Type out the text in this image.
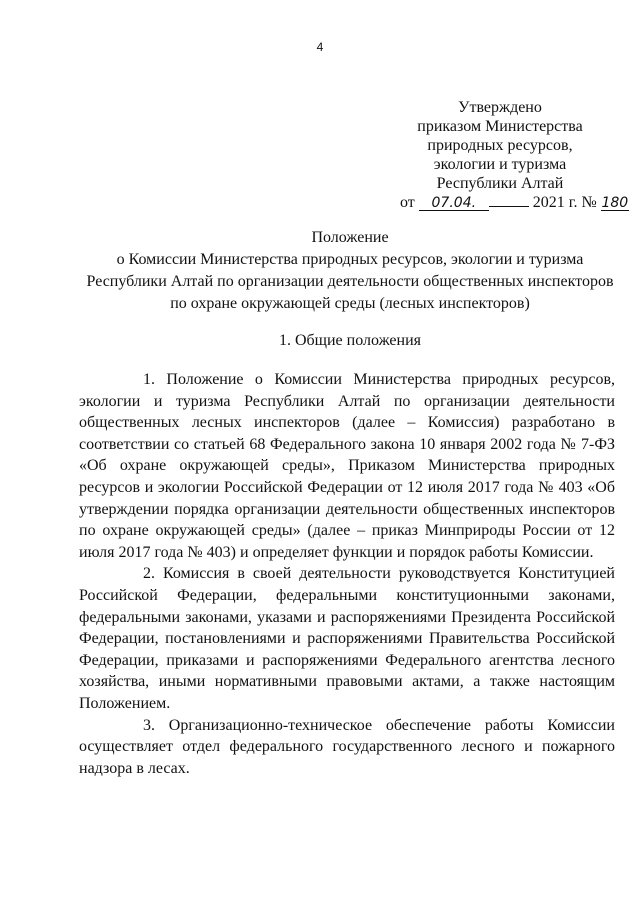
4
Утверждено
приказом Министерства
природных ресурсов,
экологии и туризма
Республики Алтай
от 07.04.	2021 г. № 180
Положение
о Комиссии Министерства природных ресурсов, экологии и туризма
Республики Алтай по организации деятельности общественных инспекторов
по охране окружающей среды (лесных инспекторов)
1. Общие положения

1. Положение о Комиссии Министерства природных ресурсов, экологии и туризма Республики Алтай по организации деятельности общественных лесных инспекторов (далее – Комиссия) разработано в соответствии со статьей 68 Федерального закона 10 января 2002 года № 7-ФЗ «Об охране окружающей среды», Приказом Министерства природных ресурсов и экологии Российской Федерации от 12 июля 2017 года № 403 «Об утверждении порядка организации деятельности общественных инспекторов по охране окружающей среды» (далее – приказ Минприроды России от 12 июля 2017 года № 403) и определяет функции и порядок работы Комиссии.

2. Комиссия в своей деятельности руководствуется Конституцией Российской Федерации, федеральными конституционными законами, федеральными законами, указами и распоряжениями Президента Российской Федерации, постановлениями и распоряжениями Правительства Российской Федерации, приказами и распоряжениями Федерального агентства лесного хозяйства, иными нормативными правовыми актами, а также настоящим Положением.

3. Организационно-техническое обеспечение работы Комиссии осуществляет отдел федерального государственного лесного и пожарного надзора в лесах.
